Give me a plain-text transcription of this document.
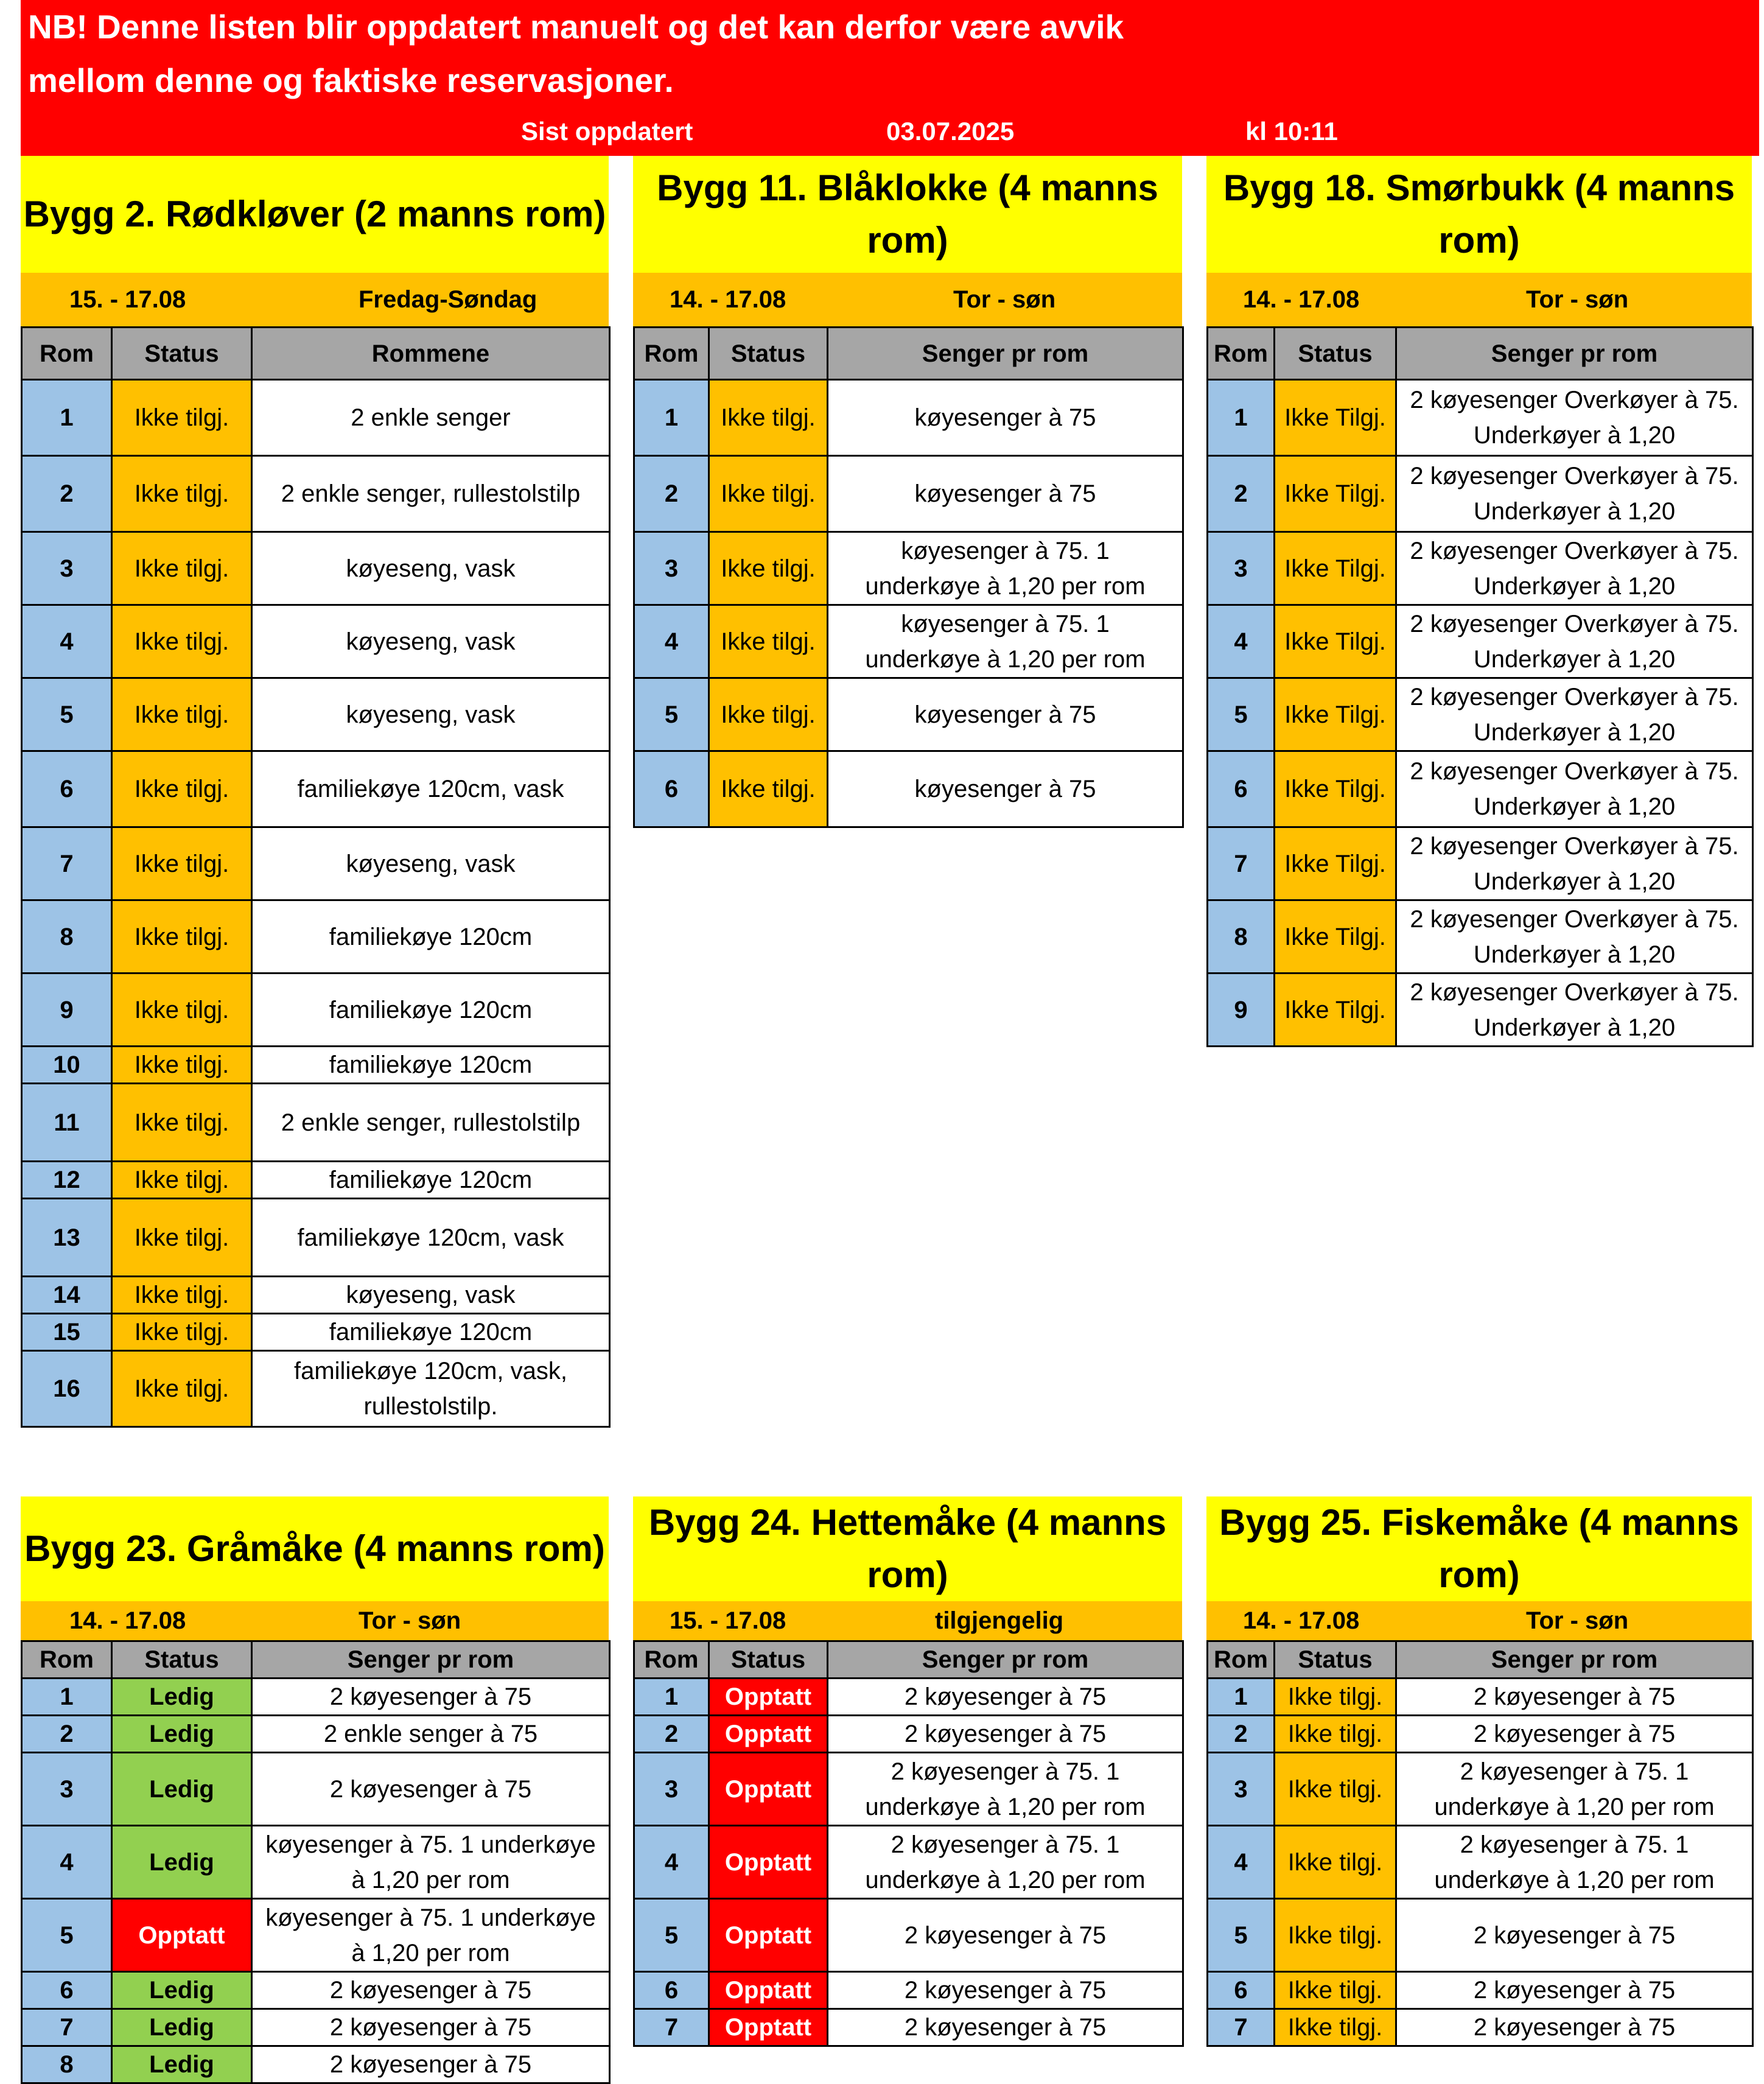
NB! Denne listen blir oppdatert manuelt og det kan derfor være avvik
mellom denne og faktiske reservasjoner.
Sist oppdatert	03.07.2025	kl 10:11
Bygg 2. Rødkløver (2 manns rom)
15. - 17.08	Fredag-Søndag
Rom	Status	Rommene
1	Ikke tilgj.	2 enkle senger
2	Ikke tilgj.	2 enkle senger, rullestolstilp
3	Ikke tilgj.	køyeseng, vask
4	Ikke tilgj.	køyeseng, vask
5	Ikke tilgj.	køyeseng, vask
6	Ikke tilgj.	familiekøye 120cm, vask
7	Ikke tilgj.	køyeseng, vask
8	Ikke tilgj.	familiekøye 120cm
9	Ikke tilgj.	familiekøye 120cm
10	Ikke tilgj.	familiekøye 120cm
11	Ikke tilgj.	2 enkle senger, rullestolstilp
12	Ikke tilgj.	familiekøye 120cm
13	Ikke tilgj.	familiekøye 120cm, vask
14	Ikke tilgj.	køyeseng, vask
15	Ikke tilgj.	familiekøye 120cm
16	Ikke tilgj.	familiekøye 120cm, vask,
rullestolstilp.
Bygg 11. Blåklokke (4 manns
rom)
14. - 17.08	Tor - søn
Rom	Status	Senger pr rom
1	Ikke tilgj.	køyesenger à 75
2	Ikke tilgj.	køyesenger à 75
3	Ikke tilgj.	køyesenger à 75. 1
underkøye à 1,20 per rom
4	Ikke tilgj.	køyesenger à 75. 1
underkøye à 1,20 per rom
5	Ikke tilgj.	køyesenger à 75
6	Ikke tilgj.	køyesenger à 75
Bygg 18. Smørbukk (4 manns
rom)
14. - 17.08	Tor - søn
Rom	Status	Senger pr rom
1	Ikke Tilgj.	2 køyesenger Overkøyer à 75.
Underkøyer à 1,20
2	Ikke Tilgj.	2 køyesenger Overkøyer à 75.
Underkøyer à 1,20
3	Ikke Tilgj.	2 køyesenger Overkøyer à 75.
Underkøyer à 1,20
4	Ikke Tilgj.	2 køyesenger Overkøyer à 75.
Underkøyer à 1,20
5	Ikke Tilgj.	2 køyesenger Overkøyer à 75.
Underkøyer à 1,20
6	Ikke Tilgj.	2 køyesenger Overkøyer à 75.
Underkøyer à 1,20
7	Ikke Tilgj.	2 køyesenger Overkøyer à 75.
Underkøyer à 1,20
8	Ikke Tilgj.	2 køyesenger Overkøyer à 75.
Underkøyer à 1,20
9	Ikke Tilgj.	2 køyesenger Overkøyer à 75.
Underkøyer à 1,20
Bygg 23. Gråmåke (4 manns rom)
14. - 17.08	Tor - søn
Rom	Status	Senger pr rom
1	Ledig	2 køyesenger à 75
2	Ledig	2 enkle senger à 75
3	Ledig	2 køyesenger à 75
4	Ledig	køyesenger à 75. 1 underkøye
à 1,20 per rom
5	Opptatt	køyesenger à 75. 1 underkøye
à 1,20 per rom
6	Ledig	2 køyesenger à 75
7	Ledig	2 køyesenger à 75
8	Ledig	2 køyesenger à 75
Bygg 24. Hettemåke (4 manns
rom)
15. - 17.08	tilgjengelig
Rom	Status	Senger pr rom
1	Opptatt	2 køyesenger à 75
2	Opptatt	2 køyesenger à 75
3	Opptatt	2 køyesenger à 75. 1
underkøye à 1,20 per rom
4	Opptatt	2 køyesenger à 75. 1
underkøye à 1,20 per rom
5	Opptatt	2 køyesenger à 75
6	Opptatt	2 køyesenger à 75
7	Opptatt	2 køyesenger à 75
Bygg 25. Fiskemåke (4 manns
rom)
14. - 17.08	Tor - søn
Rom	Status	Senger pr rom
1	Ikke tilgj.	2 køyesenger à 75
2	Ikke tilgj.	2 køyesenger à 75
3	Ikke tilgj.	2 køyesenger à 75. 1
underkøye à 1,20 per rom
4	Ikke tilgj.	2 køyesenger à 75. 1
underkøye à 1,20 per rom
5	Ikke tilgj.	2 køyesenger à 75
6	Ikke tilgj.	2 køyesenger à 75
7	Ikke tilgj.	2 køyesenger à 75
